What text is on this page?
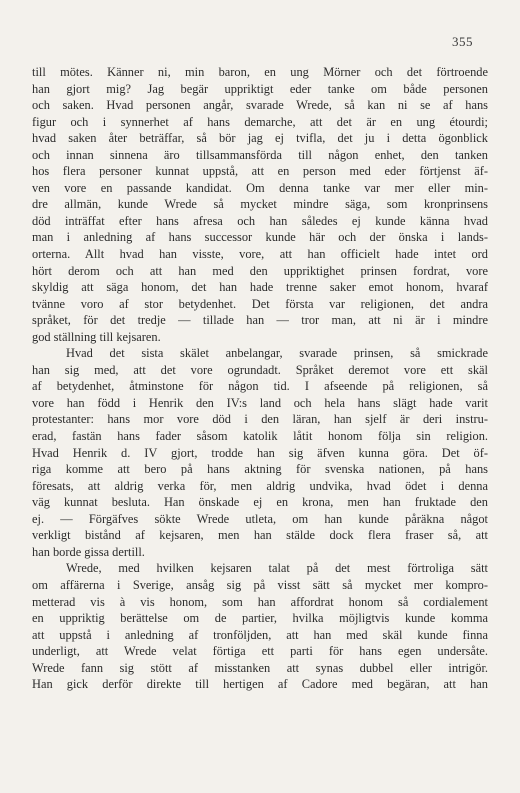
355
till mötes. Känner ni, min baron, en ung Mörner och det förtroende
han gjort mig? Jag begär uppriktigt eder tanke om både personen
och saken. Hvad personen angår, svarade Wrede, så kan ni se af hans
figur och i synnerhet af hans demarche, att det är en ung étourdi;
hvad saken åter beträffar, så bör jag ej tvifla, det ju i detta ögonblick
och innan sinnena äro tillsammansförda till någon enhet, den tanken
hos flera personer kunnat uppstå, att en person med eder förtjenst äf-
ven vore en passande kandidat. Om denna tanke var mer eller min-
dre allmän, kunde Wrede så mycket mindre säga, som kronprinsens
död inträffat efter hans afresa och han således ej kunde känna hvad
man i anledning af hans successor kunde här och der önska i lands-
orterna. Allt hvad han visste, vore, att han officielt hade intet ord
hört derom och att han med den uppriktighet prinsen fordrat, vore
skyldig att säga honom, det han hade trenne saker emot honom, hvaraf
tvänne voro af stor betydenhet. Det första var religionen, det andra
språket, för det tredje — tillade han — tror man, att ni är i mindre
god ställning till kejsaren.
Hvad det sista skälet anbelangar, svarade prinsen, så smickrade
han sig med, att det vore ogrundadt. Språket deremot vore ett skäl
af betydenhet, åtminstone för någon tid. I afseende på religionen, så
vore han född i Henrik den IV:s land och hela hans slägt hade varit
protestanter: hans mor vore död i den läran, han sjelf är deri instru-
erad, fastän hans fader såsom katolik låtit honom följa sin religion.
Hvad Henrik d. IV gjort, trodde han sig äfven kunna göra. Det öf-
riga komme att bero på hans aktning för svenska nationen, på hans
föresats, att aldrig verka för, men aldrig undvika, hvad ödet i denna
väg kunnat besluta. Han önskade ej en krona, men han fruktade den
ej. — Förgäfves sökte Wrede utleta, om han kunde påräkna något
verkligt bistånd af kejsaren, men han stälde dock flera fraser så, att
han borde gissa dertill.
Wrede, med hvilken kejsaren talat på det mest förtroliga sätt
om affärerna i Sverige, ansåg sig på visst sätt så mycket mer kompro-
metterad vis à vis honom, som han affordrat honom så cordialement
en uppriktig berättelse om de partier, hvilka möjligtvis kunde komma
att uppstå i anledning af tronföljden, att han med skäl kunde finna
underligt, att Wrede velat förtiga ett parti för hans egen undersåte.
Wrede fann sig stött af misstanken att synas dubbel eller intrigör.
Han gick derför direkte till hertigen af Cadore med begäran, att han
